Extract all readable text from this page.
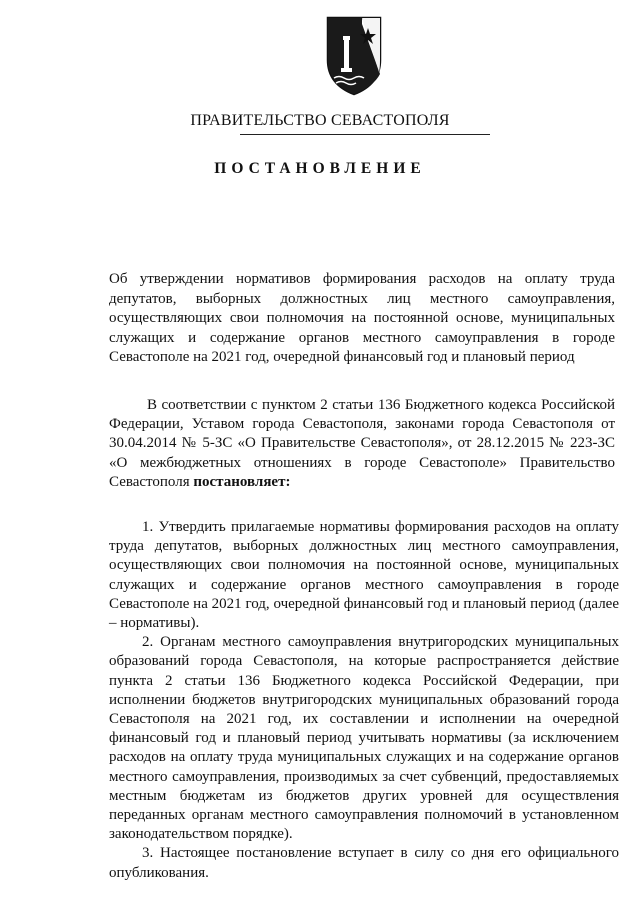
ПРАВИТЕЛЬСТВО СЕВАСТОПОЛЯ
ПОСТАНОВЛЕНИЕ

Об утверждении нормативов формирования расходов на оплату труда депутатов, выборных должностных лиц местного самоуправления, осуществляющих свои полномочия на постоянной основе, муниципальных служащих и содержание органов местного самоуправления в городе Севастополе на 2021 год, очередной финансовый год и плановый период

В соответствии с пунктом 2 статьи 136 Бюджетного кодекса Российской Федерации, Уставом города Севастополя, законами города Севастополя от 30.04.2014 № 5-ЗС «О Правительстве Севастополя», от 28.12.2015 № 223-ЗС «О межбюджетных отношениях в городе Севастополе» Правительство Севастополя постановляет:

1. Утвердить прилагаемые нормативы формирования расходов на оплату труда депутатов, выборных должностных лиц местного самоуправления, осуществляющих свои полномочия на постоянной основе, муниципальных служащих и содержание органов местного самоуправления в городе Севастополе на 2021 год, очередной финансовый год и плановый период (далее – нормативы).

2. Органам местного самоуправления внутригородских муниципальных образований города Севастополя, на которые распространяется действие пункта 2 статьи 136 Бюджетного кодекса Российской Федерации, при исполнении бюджетов внутригородских муниципальных образований города Севастополя на 2021 год, их составлении и исполнении на очередной финансовый год и плановый период учитывать нормативы (за исключением расходов на оплату труда муниципальных служащих и на содержание органов местного самоуправления, производимых за счет субвенций, предоставляемых местным бюджетам из бюджетов других уровней для осуществления переданных органам местного самоуправления полномочий в установленном законодательством порядке).

3. Настоящее постановление вступает в силу со дня его официального опубликования.
